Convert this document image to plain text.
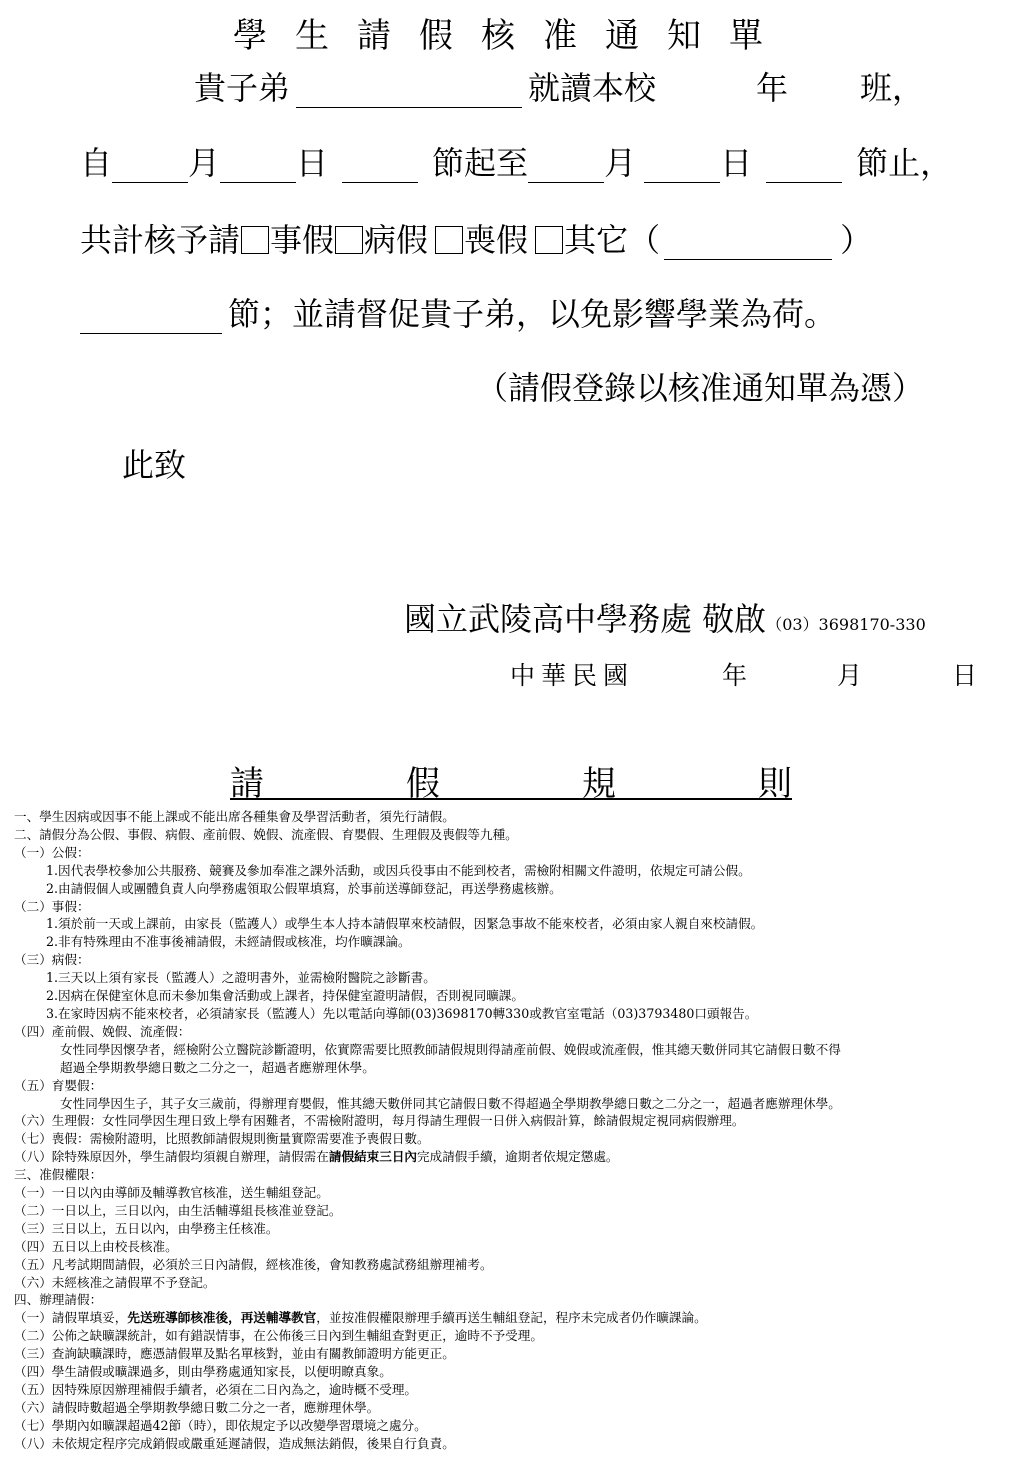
學生請假核准通知單
貴子弟	就讀本校	年 班，
自 月 日	節起至 月	日	節止，
共計核予請 事假 病假 喪假 其它（	）
節；並請督促貴子弟，以免影響學業為荷。
（請假登錄以核准通知單為憑）
此致
國立武陵高中學務處 敬啟（03）3698170-330
中華民國	年	月	日
請	假	規	則
一、學生因病或因事不能上課或不能出席各種集會及學習活動者，須先行請假。
二、請假分為公假、事假、病假、產前假、娩假、流產假、育嬰假、生理假及喪假等九種。
（一）公假：
1.因代表學校參加公共服務、競賽及參加奉准之課外活動，或因兵役事由不能到校者，需檢附相關文件證明，依規定可請公假。
2.由請假個人或團體負責人向學務處領取公假單填寫，於事前送導師登記，再送學務處核辦。
（二）事假：
1.須於前一天或上課前，由家長（監護人）或學生本人持本請假單來校請假，因緊急事故不能來校者，必須由家人親自來校請假。
2.非有特殊理由不准事後補請假，未經請假或核准，均作曠課論。
（三）病假：
1.三天以上須有家長（監護人）之證明書外，並需檢附醫院之診斷書。
2.因病在保健室休息而未參加集會活動或上課者，持保健室證明請假，否則視同曠課。
3.在家時因病不能來校者，必須請家長（監護人）先以電話向導師(03)3698170轉330或教官室電話（03)3793480口頭報告。
（四）產前假、娩假、流產假：
女性同學因懷孕者，經檢附公立醫院診斷證明，依實際需要比照教師請假規則得請產前假、娩假或流產假，惟其總天數併同其它請假日數不得
超過全學期教學總日數之二分之一，超過者應辦理休學。
（五）育嬰假：
女性同學因生子，其子女三歲前，得辦理育嬰假，惟其總天數併同其它請假日數不得超過全學期教學總日數之二分之一，超過者應辦理休學。
（六）生理假：女性同學因生理日致上學有困難者，不需檢附證明，每月得請生理假一日併入病假計算，餘請假規定視同病假辦理。
（七）喪假：需檢附證明，比照教師請假規則衡量實際需要准予喪假日數。
（八）除特殊原因外，學生請假均須親自辦理，請假需在請假結束三日內完成請假手續，逾期者依規定懲處。
三、准假權限：
（一）一日以內由導師及輔導教官核准，送生輔組登記。
（二）一日以上，三日以內，由生活輔導組長核准並登記。
（三）三日以上，五日以內，由學務主任核准。
（四）五日以上由校長核准。
（五）凡考試期間請假，必須於三日內請假，經核准後，會知教務處試務組辦理補考。
（六）未經核准之請假單不予登記。
四、辦理請假：
（一）請假單填妥，先送班導師核准後，再送輔導教官，並按准假權限辦理手續再送生輔組登記，程序未完成者仍作曠課論。
（二）公佈之缺曠課統計，如有錯誤情事，在公佈後三日內到生輔組查對更正，逾時不予受理。
（三）查詢缺曠課時，應憑請假單及點名單核對，並由有關教師證明方能更正。
（四）學生請假或曠課過多，則由學務處通知家長，以便明瞭真象。
（五）因特殊原因辦理補假手續者，必須在二日內為之，逾時概不受理。
（六）請假時數超過全學期教學總日數二分之一者，應辦理休學。
（七）學期內如曠課超過42節（時），即依規定予以改變學習環境之處分。
（八）未依規定程序完成銷假或嚴重延遲請假，造成無法銷假，後果自行負責。
